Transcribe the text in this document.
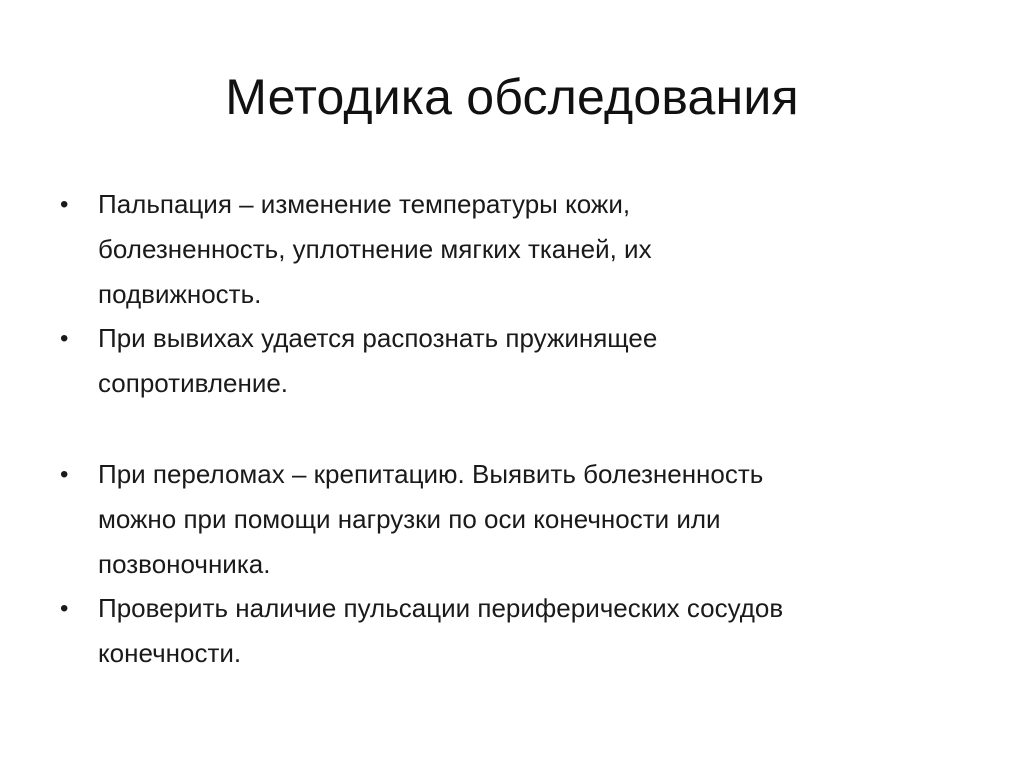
Методика обследования
•	Пальпация – изменение температуры кожи,
болезненность, уплотнение мягких тканей, их
подвижность.
•	При вывихах удается распознать пружинящее
сопротивление.
•	При переломах – крепитацию. Выявить болезненность
можно при помощи нагрузки по оси конечности или
позвоночника.
•	Проверить наличие пульсации периферических сосудов
конечности.
